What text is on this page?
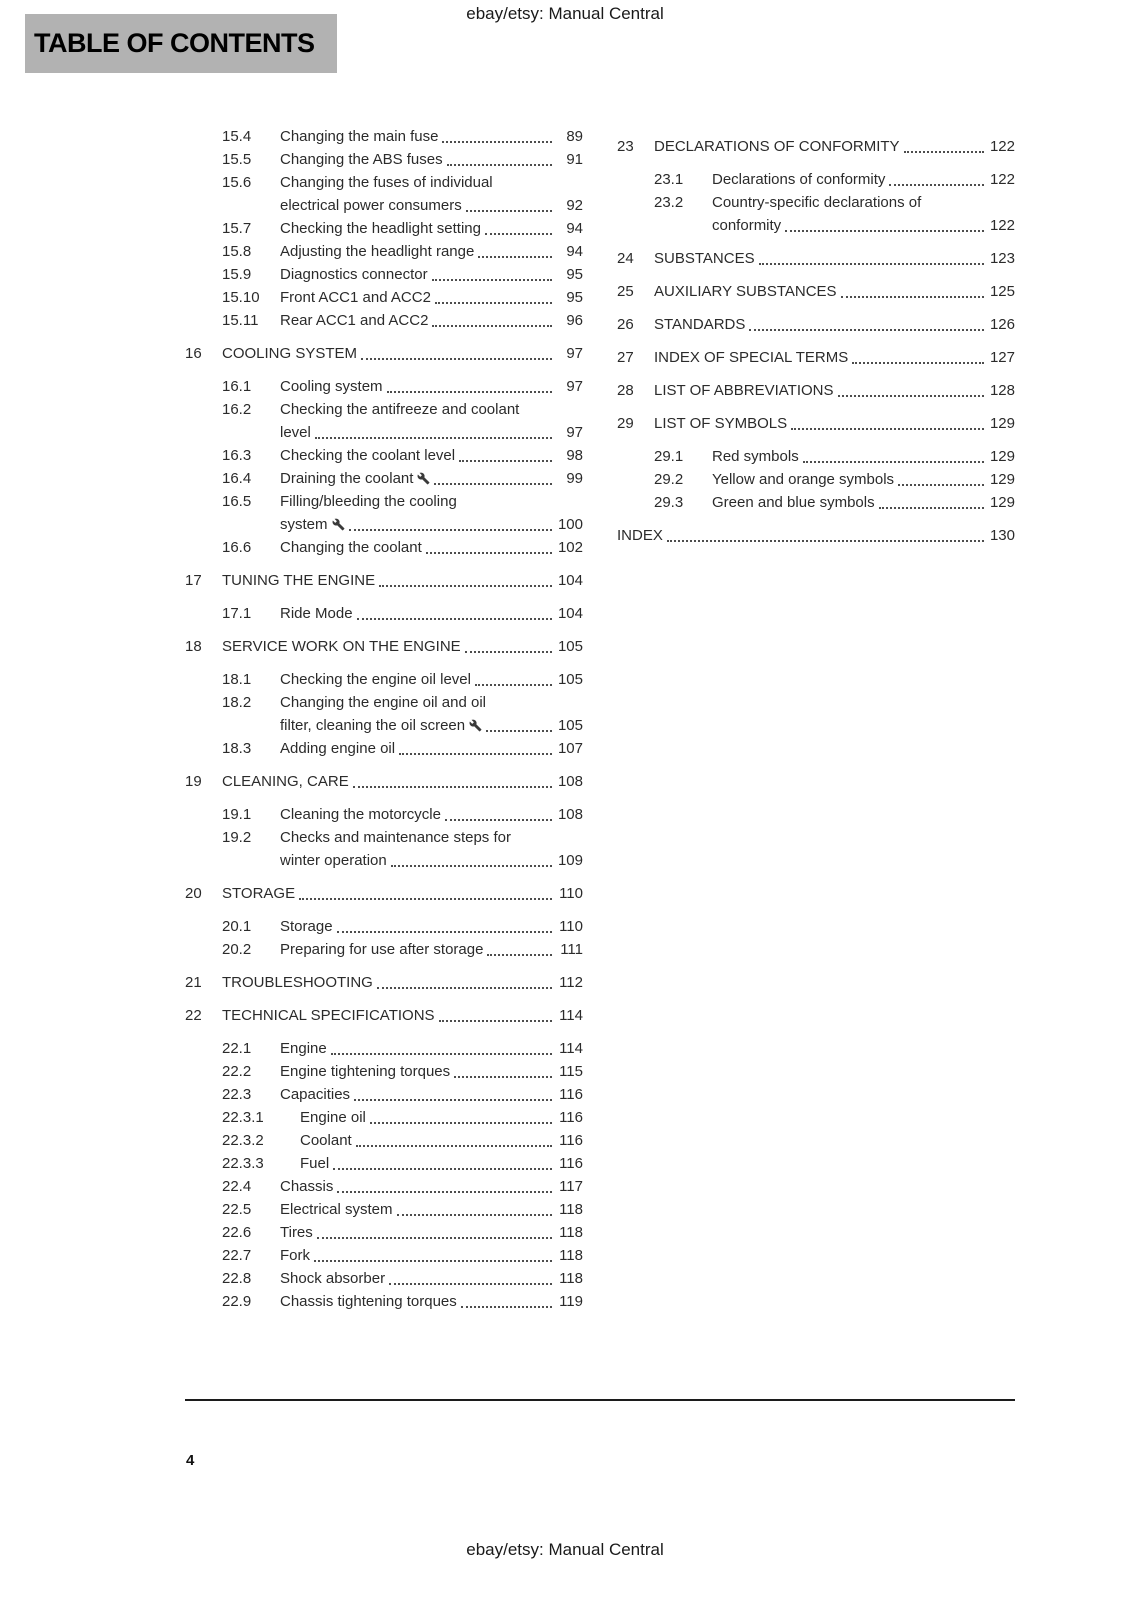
ebay/etsy: Manual Central
TABLE OF CONTENTS
15.4	Changing the main fuse	89
15.5	Changing the ABS fuses	91
15.6	Changing the fuses of individual
electrical power consumers	92
15.7	Checking the headlight setting	94
15.8	Adjusting the headlight range	94
15.9	Diagnostics connector	95
15.10	Front ACC1 and ACC2	95
15.11	Rear ACC1 and ACC2	96
16	COOLING SYSTEM	97
16.1	Cooling system	97
16.2	Checking the antifreeze and coolant
level	97
16.3	Checking the coolant level	98
16.4	Draining the coolant	99
16.5	Filling/bleeding the cooling
system	100
16.6	Changing the coolant	102
17	TUNING THE ENGINE	104
17.1	Ride Mode	104
18	SERVICE WORK ON THE ENGINE	105
18.1	Checking the engine oil level	105
18.2	Changing the engine oil and oil
filter, cleaning the oil screen	105
18.3	Adding engine oil	107
19	CLEANING, CARE	108
19.1	Cleaning the motorcycle	108
19.2	Checks and maintenance steps for
winter operation	109
20	STORAGE	110
20.1	Storage	110
20.2	Preparing for use after storage	111
21	TROUBLESHOOTING	112
22	TECHNICAL SPECIFICATIONS	114
22.1	Engine	114
22.2	Engine tightening torques	115
22.3	Capacities	116
22.3.1	Engine oil	116
22.3.2	Coolant	116
22.3.3	Fuel	116
22.4	Chassis	117
22.5	Electrical system	118
22.6	Tires	118
22.7	Fork	118
22.8	Shock absorber	118
22.9	Chassis tightening torques	119
23	DECLARATIONS OF CONFORMITY	122
23.1	Declarations of conformity	122
23.2	Country-specific declarations of
conformity	122
24	SUBSTANCES	123
25	AUXILIARY SUBSTANCES	125
26	STANDARDS	126
27	INDEX OF SPECIAL TERMS	127
28	LIST OF ABBREVIATIONS	128
29	LIST OF SYMBOLS	129
29.1	Red symbols	129
29.2	Yellow and orange symbols	129
29.3	Green and blue symbols	129
INDEX	130
4
ebay/etsy: Manual Central
